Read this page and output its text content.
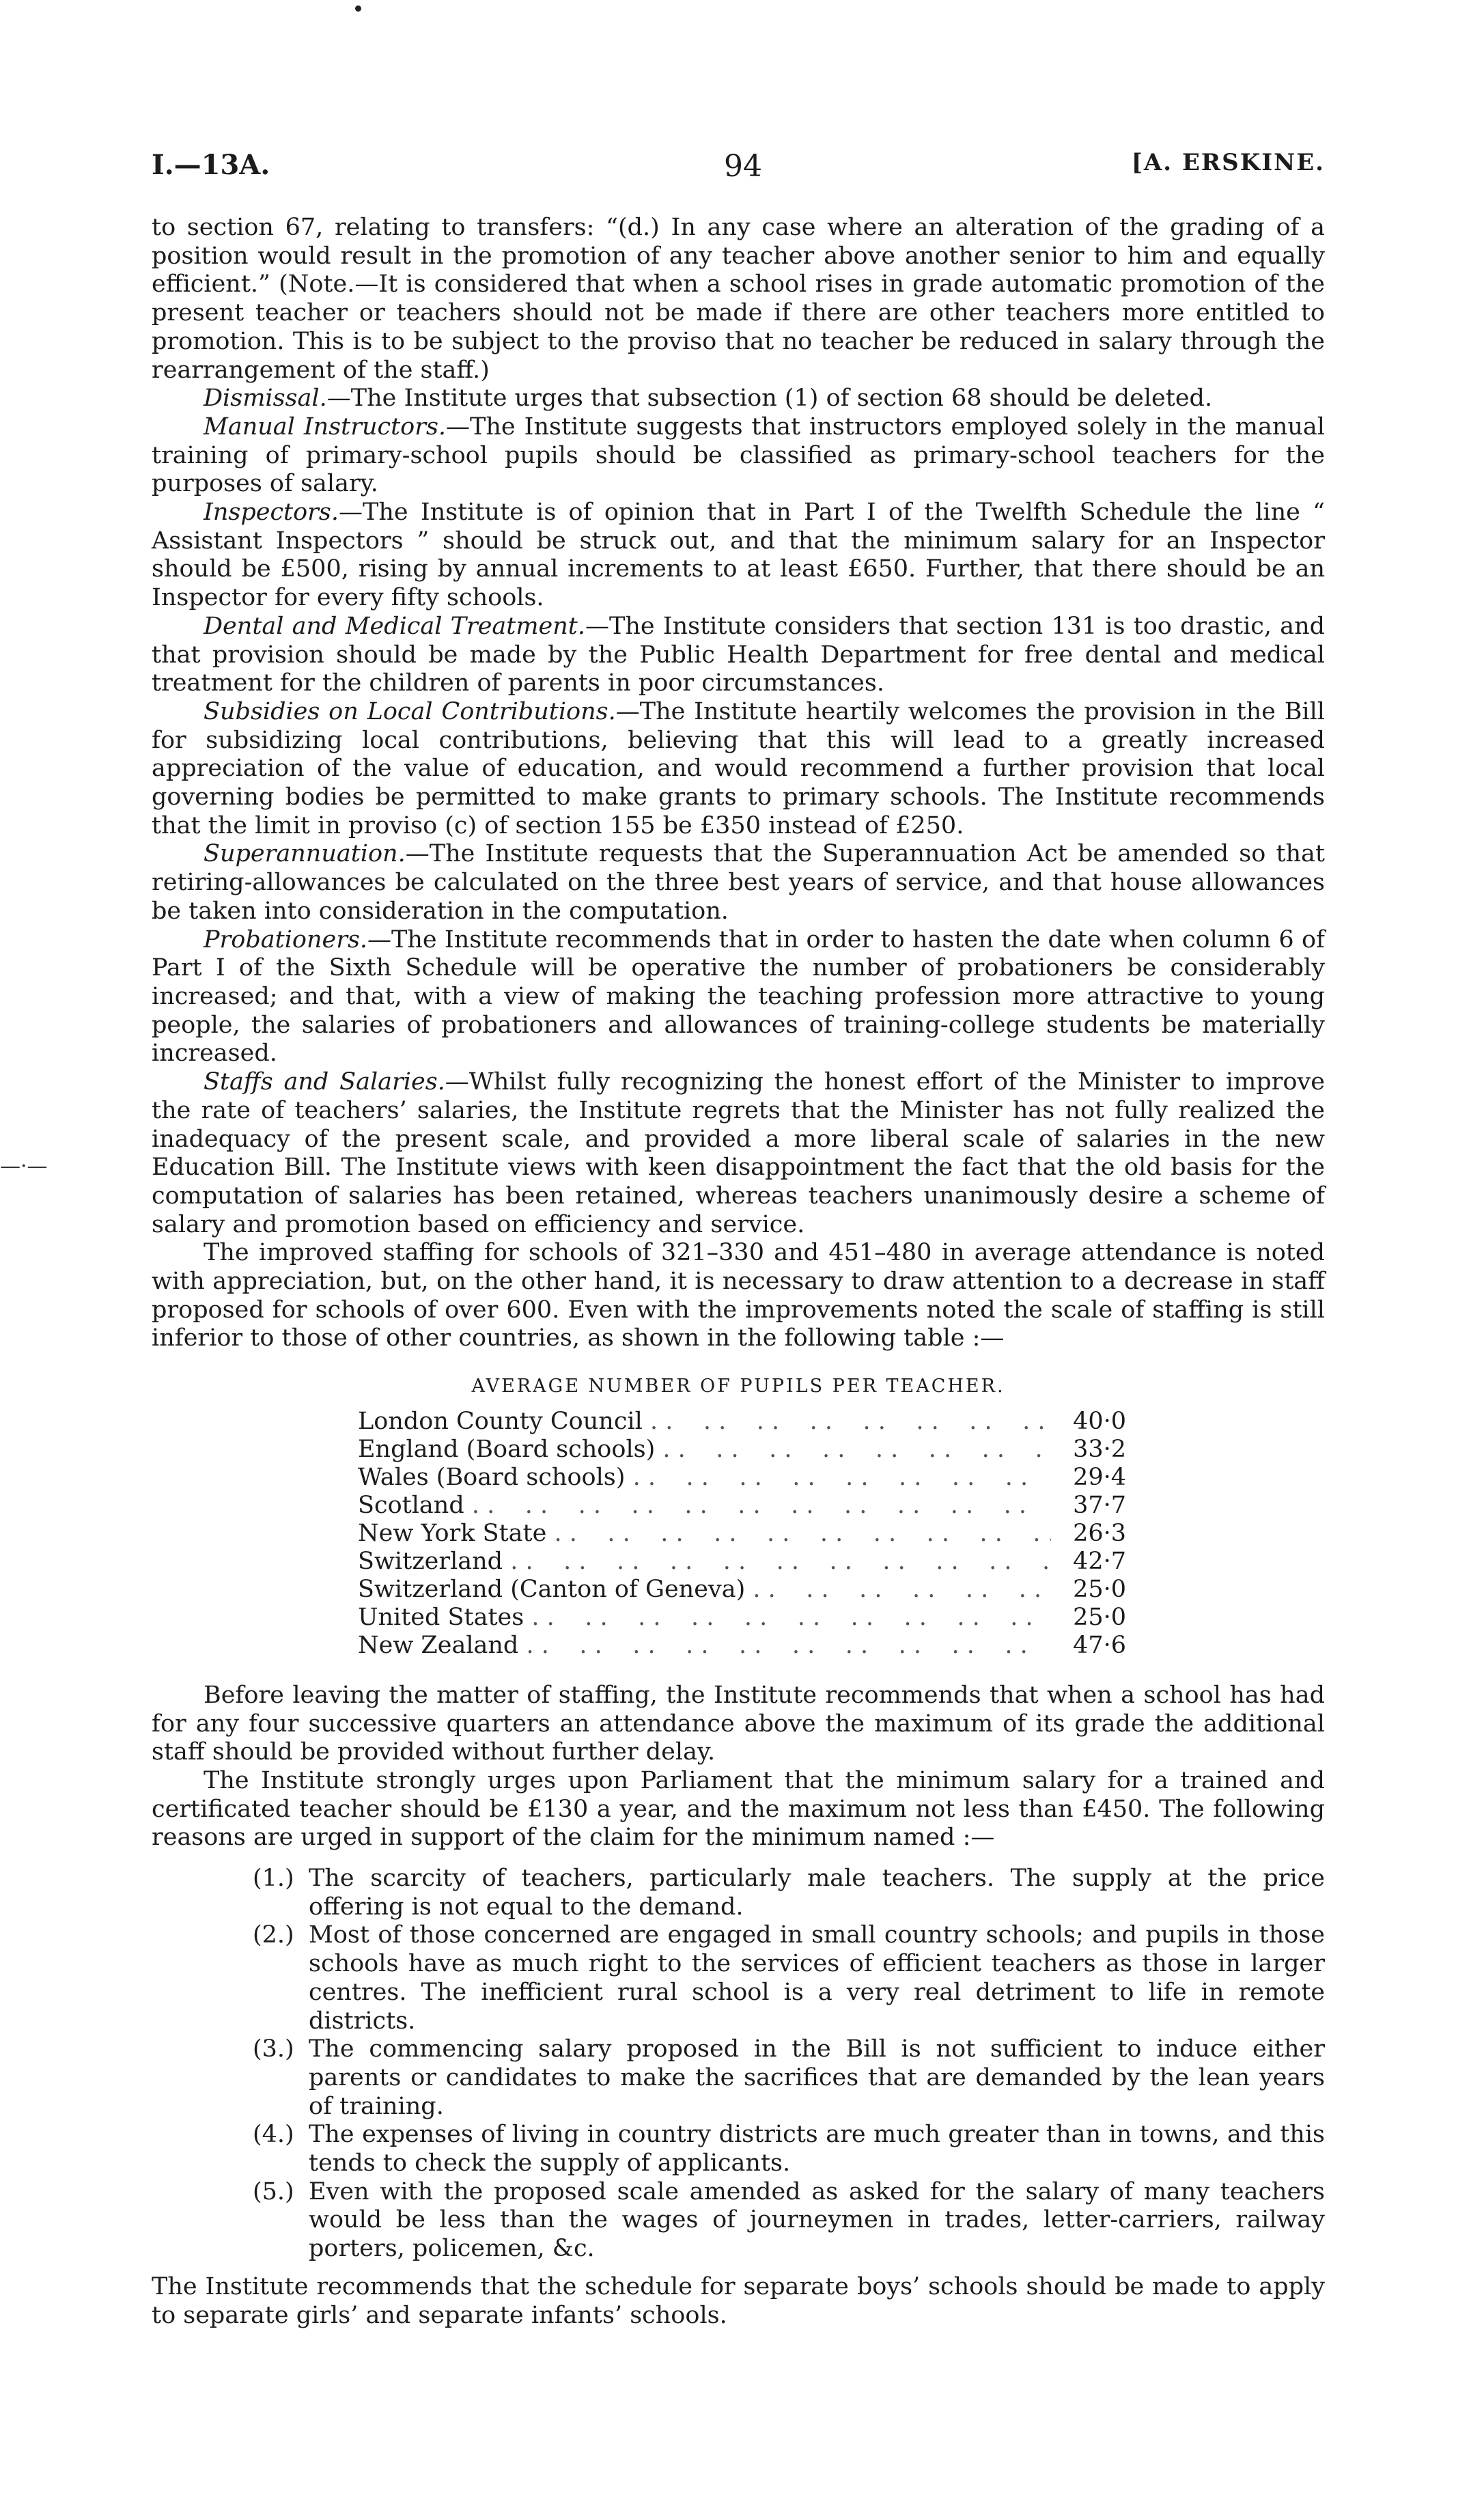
—·—
I.—13A.	94	[A. ERSKINE.

to section 67, relating to transfers: “(d.) In any case where an alteration of the grading of a position would result in the promotion of any teacher above another senior to him and equally efficient.” (Note.—It is considered that when a school rises in grade automatic promotion of the present teacher or teachers should not be made if there are other teachers more entitled to promotion. This is to be subject to the proviso that no teacher be reduced in salary through the rearrangement of the staff.)

Dismissal.—The Institute urges that subsection (1) of section 68 should be deleted.

Manual Instructors.—The Institute suggests that instructors employed solely in the manual training of primary-school pupils should be classified as primary-school teachers for the purposes of salary.

Inspectors.—The Institute is of opinion that in Part I of the Twelfth Schedule the line “ Assistant Inspectors ” should be struck out, and that the minimum salary for an Inspector should be £500, rising by annual increments to at least £650. Further, that there should be an Inspector for every fifty schools.

Dental and Medical Treatment.—The Institute considers that section 131 is too drastic, and that provision should be made by the Public Health Department for free dental and medical treatment for the children of parents in poor circumstances.

Subsidies on Local Contributions.—The Institute heartily welcomes the provision in the Bill for subsidizing local contributions, believing that this will lead to a greatly increased appreciation of the value of education, and would recommend a further provision that local governing bodies be permitted to make grants to primary schools. The Institute recommends that the limit in proviso (c) of section 155 be £350 instead of £250.

Superannuation.—The Institute requests that the Superannuation Act be amended so that retiring-allowances be calculated on the three best years of service, and that house allowances be taken into consideration in the computation.

Probationers.—The Institute recommends that in order to hasten the date when column 6 of Part I of the Sixth Schedule will be operative the number of probationers be considerably increased; and that, with a view of making the teaching profession more attractive to young people, the salaries of probationers and allowances of training-college students be materially increased.

Staffs and Salaries.—Whilst fully recognizing the honest effort of the Minister to improve the rate of teachers’ salaries, the Institute regrets that the Minister has not fully realized the inadequacy of the present scale, and provided a more liberal scale of salaries in the new Education Bill. The Institute views with keen disappointment the fact that the old basis for the computation of salaries has been retained, whereas teachers unanimously desire a scheme of salary and promotion based on efficiency and service.

The improved staffing for schools of 321–330 and 451–480 in average attendance is noted with appreciation, but, on the other hand, it is necessary to draw attention to a decrease in staff proposed for schools of over 600. Even with the improvements noted the scale of staffing is still inferior to those of other countries, as shown in the following table :—

AVERAGE NUMBER OF PUPILS PER TEACHER.

London County Council . .	40·0
England (Board schools) . .	33·2
Wales (Board schools) . .	29·4
Scotland . .	37·7
New York State . .	26·3
Switzerland . .	42·7
Switzerland (Canton of Geneva) . .	25·0
United States . .	25·0
New Zealand . .	47·6

Before leaving the matter of staffing, the Institute recommends that when a school has had for any four successive quarters an attendance above the maximum of its grade the additional staff should be provided without further delay.

The Institute strongly urges upon Parliament that the minimum salary for a trained and certificated teacher should be £130 a year, and the maximum not less than £450. The following reasons are urged in support of the claim for the minimum named :—

(1.) The scarcity of teachers, particularly male teachers. The supply at the price offering is not equal to the demand.
(2.) Most of those concerned are engaged in small country schools; and pupils in those schools have as much right to the services of efficient teachers as those in larger centres. The inefficient rural school is a very real detriment to life in remote districts.
(3.) The commencing salary proposed in the Bill is not sufficient to induce either parents or candidates to make the sacrifices that are demanded by the lean years of training.
(4.) The expenses of living in country districts are much greater than in towns, and this tends to check the supply of applicants.
(5.) Even with the proposed scale amended as asked for the salary of many teachers would be less than the wages of journeymen in trades, letter-carriers, railway porters, policemen, &c.

The Institute recommends that the schedule for separate boys’ schools should be made to apply to separate girls’ and separate infants’ schools.
